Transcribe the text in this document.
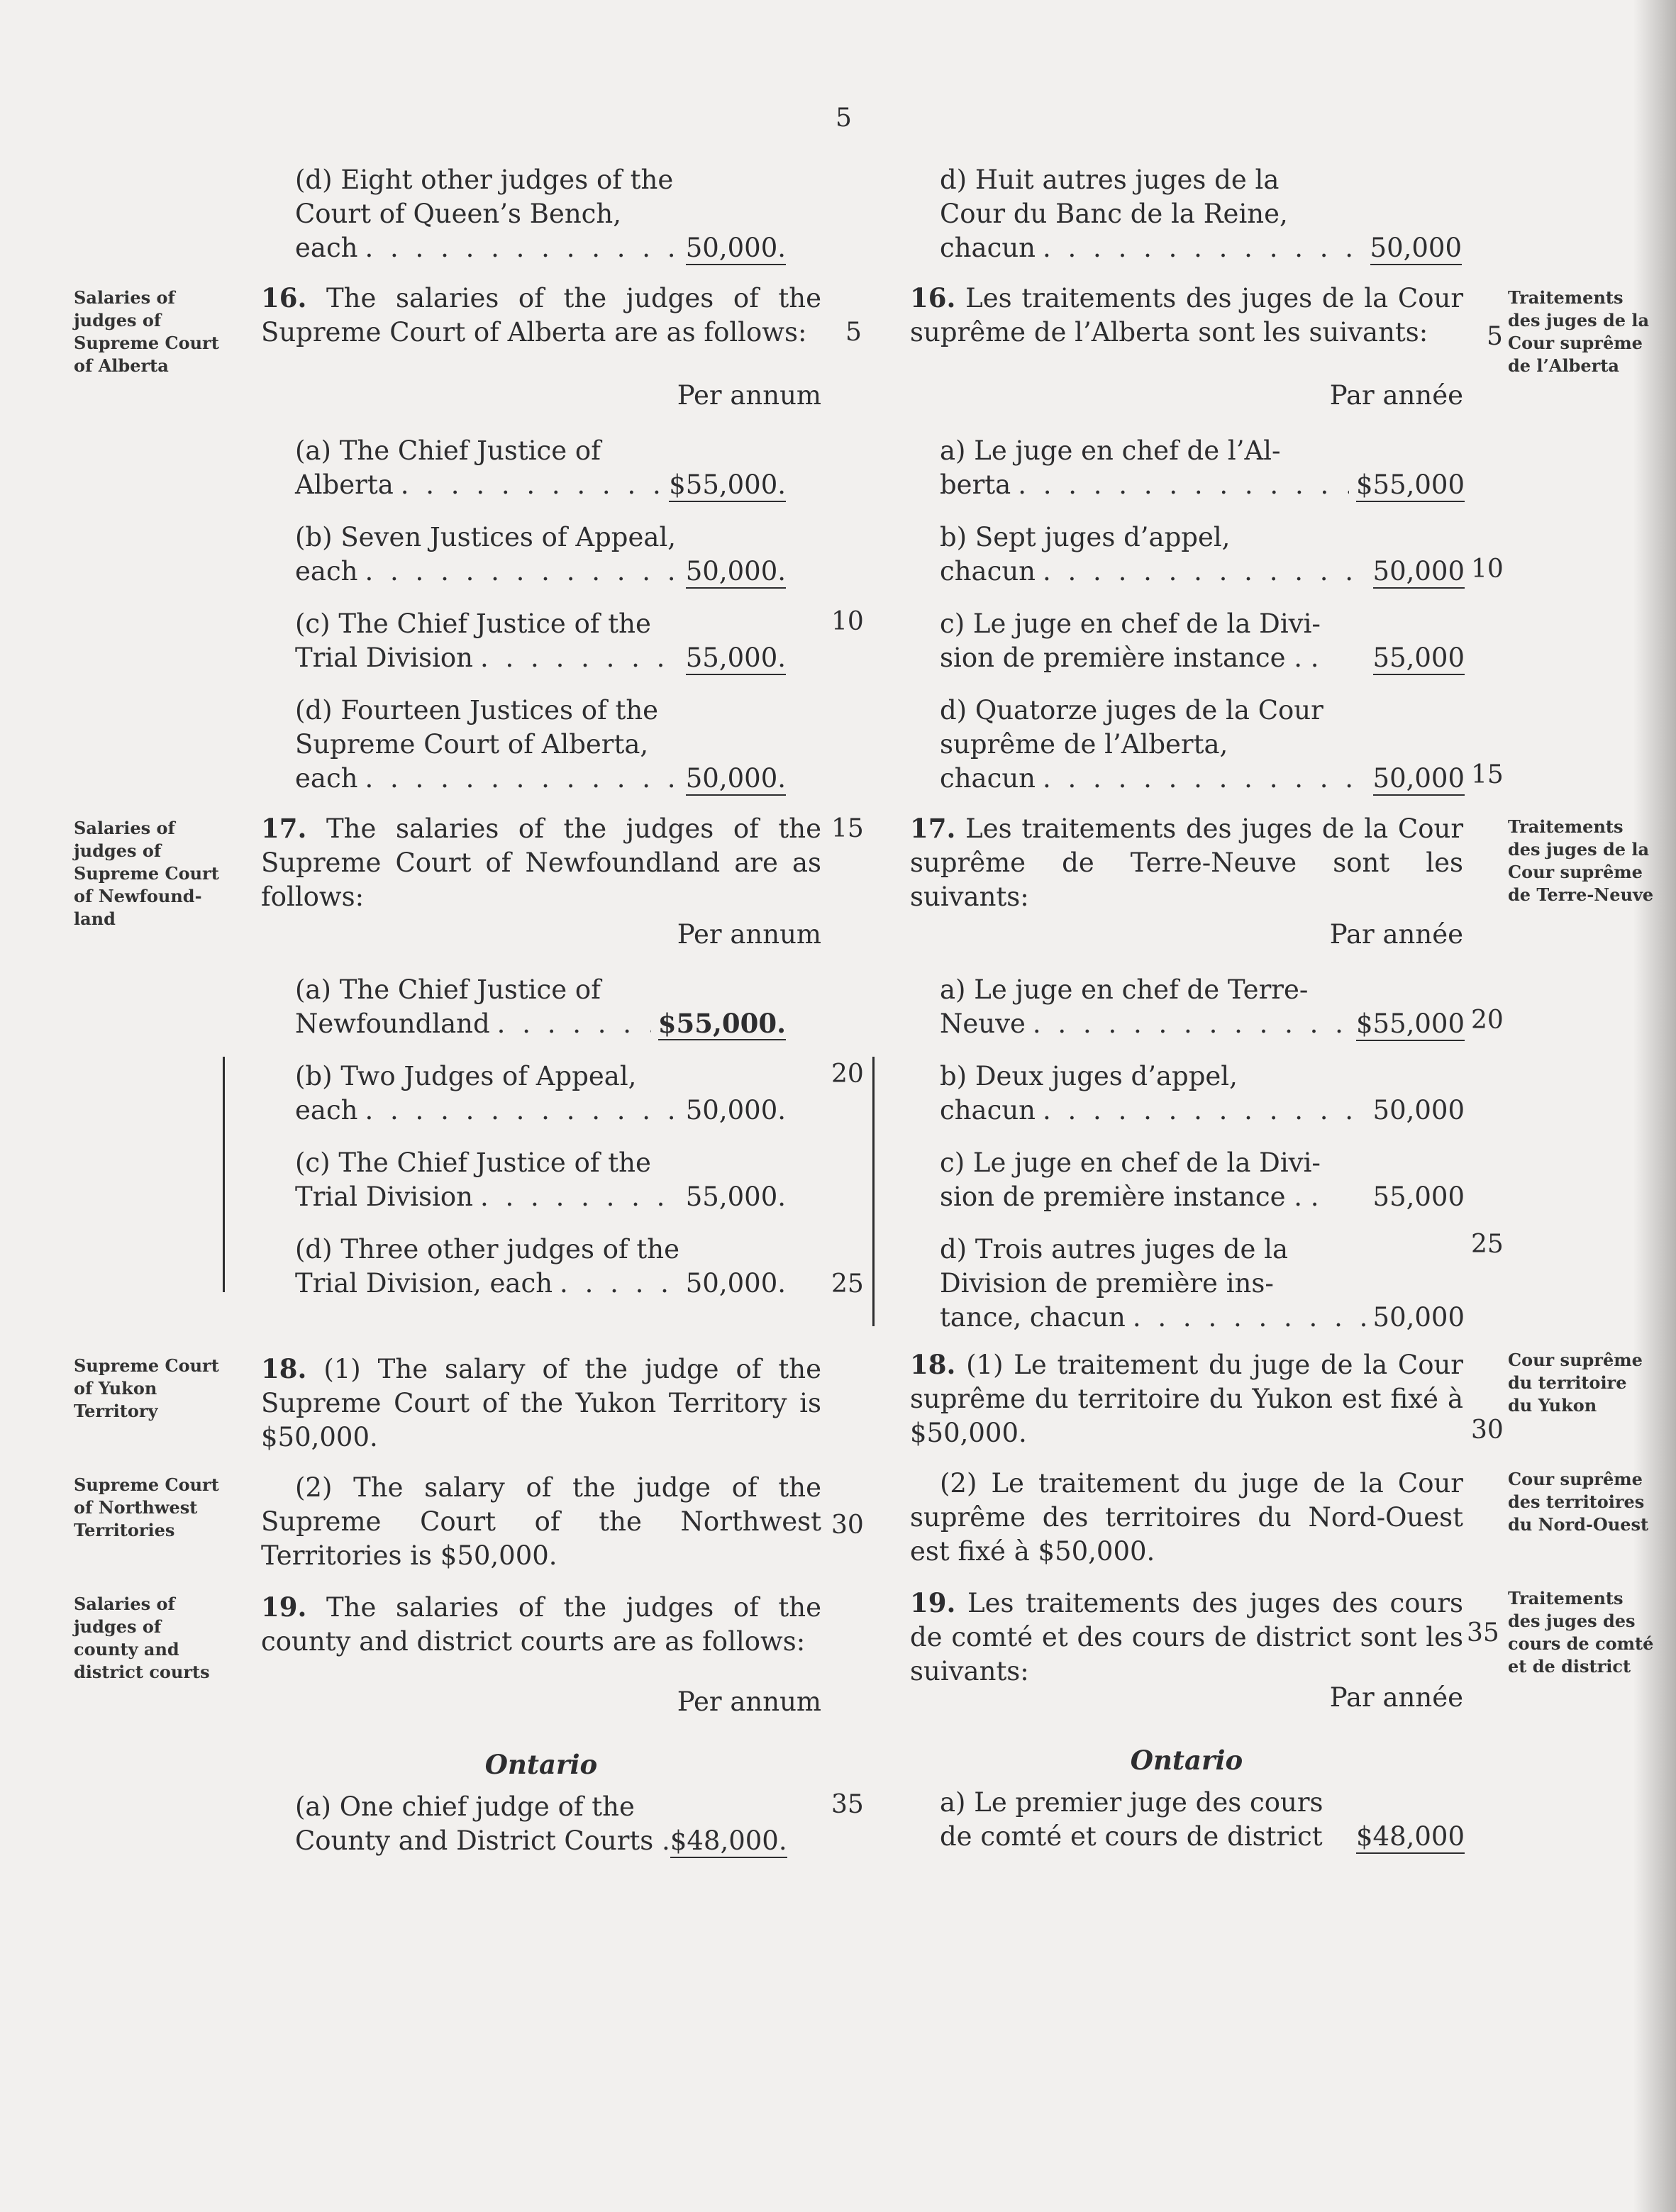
5
Salaries of judges of Supreme Court of Alberta
Salaries of judges of Supreme Court of Newfound-land
Supreme Court of Yukon Territory
Supreme Court of Northwest Territories
Salaries of judges of county and district courts
Traitements des juges de la Cour suprême de l’Alberta
Traitements des juges de la Cour suprême de Terre-Neuve
Cour suprême du territoire du Yukon
Cour suprême des territoires du Nord-Ouest
Traitements des juges des cours de comté et de district
5
10
15
20
25
30
35
5
10
15
20
25
30
35
(d) Eight other judges of the
Court of Queen’s Bench,
each . . .	50,000.
16. The salaries of the judges of the Supreme Court of Alberta are as follows:
Per annum
(a) The Chief Justice of
Alberta . . .	$55,000.
(b) Seven Justices of Appeal,
each . . .	50,000.
(c) The Chief Justice of the
Trial Division . . .	55,000.
(d) Fourteen Justices of the
Supreme Court of Alberta,
each . . .	50,000.
17. The salaries of the judges of the Supreme Court of Newfoundland are as follows:
Per annum
(a) The Chief Justice of
Newfoundland . . .	$55,000.
(b) Two Judges of Appeal,
each . . .	50,000.
(c) The Chief Justice of the
Trial Division . . .	55,000.
(d) Three other judges of the
Trial Division, each . . .	50,000.
18. (1) The salary of the judge of the Supreme Court of the Yukon Territory is $50,000.
(2) The salary of the judge of the Supreme Court of the Northwest Territories is $50,000.
19. The salaries of the judges of the county and district courts are as follows:
Per annum
Ontario
(a) One chief judge of the
County and District Courts . $48,000.
d) Huit autres juges de la
Cour du Banc de la Reine,
chacun . . .	50,000
16. Les traitements des juges de la Cour suprême de l’Alberta sont les suivants:
Par année
a) Le juge en chef de l’Al-
berta . . .	$55,000
b) Sept juges d’appel,
chacun . . .	50,000
c) Le juge en chef de la Divi-
sion de première instance . . 55,000
d) Quatorze juges de la Cour
suprême de l’Alberta,
chacun . . .	50,000
17. Les traitements des juges de la Cour suprême de Terre-Neuve sont les suivants:
Par année
a) Le juge en chef de Terre-
Neuve . . .	$55,000
b) Deux juges d’appel,
chacun . . .	50,000
c) Le juge en chef de la Divi-
sion de première instance . . 55,000
d) Trois autres juges de la
Division de première ins-
tance, chacun . . .	50,000
18. (1) Le traitement du juge de la Cour suprême du territoire du Yukon est fixé à $50,000.
(2) Le traitement du juge de la Cour suprême des territoires du Nord-Ouest est fixé à $50,000.
19. Les traitements des juges des cours de comté et des cours de district sont les suivants:
Par année
Ontario
a) Le premier juge des cours
de comté et cours de district $48,000
